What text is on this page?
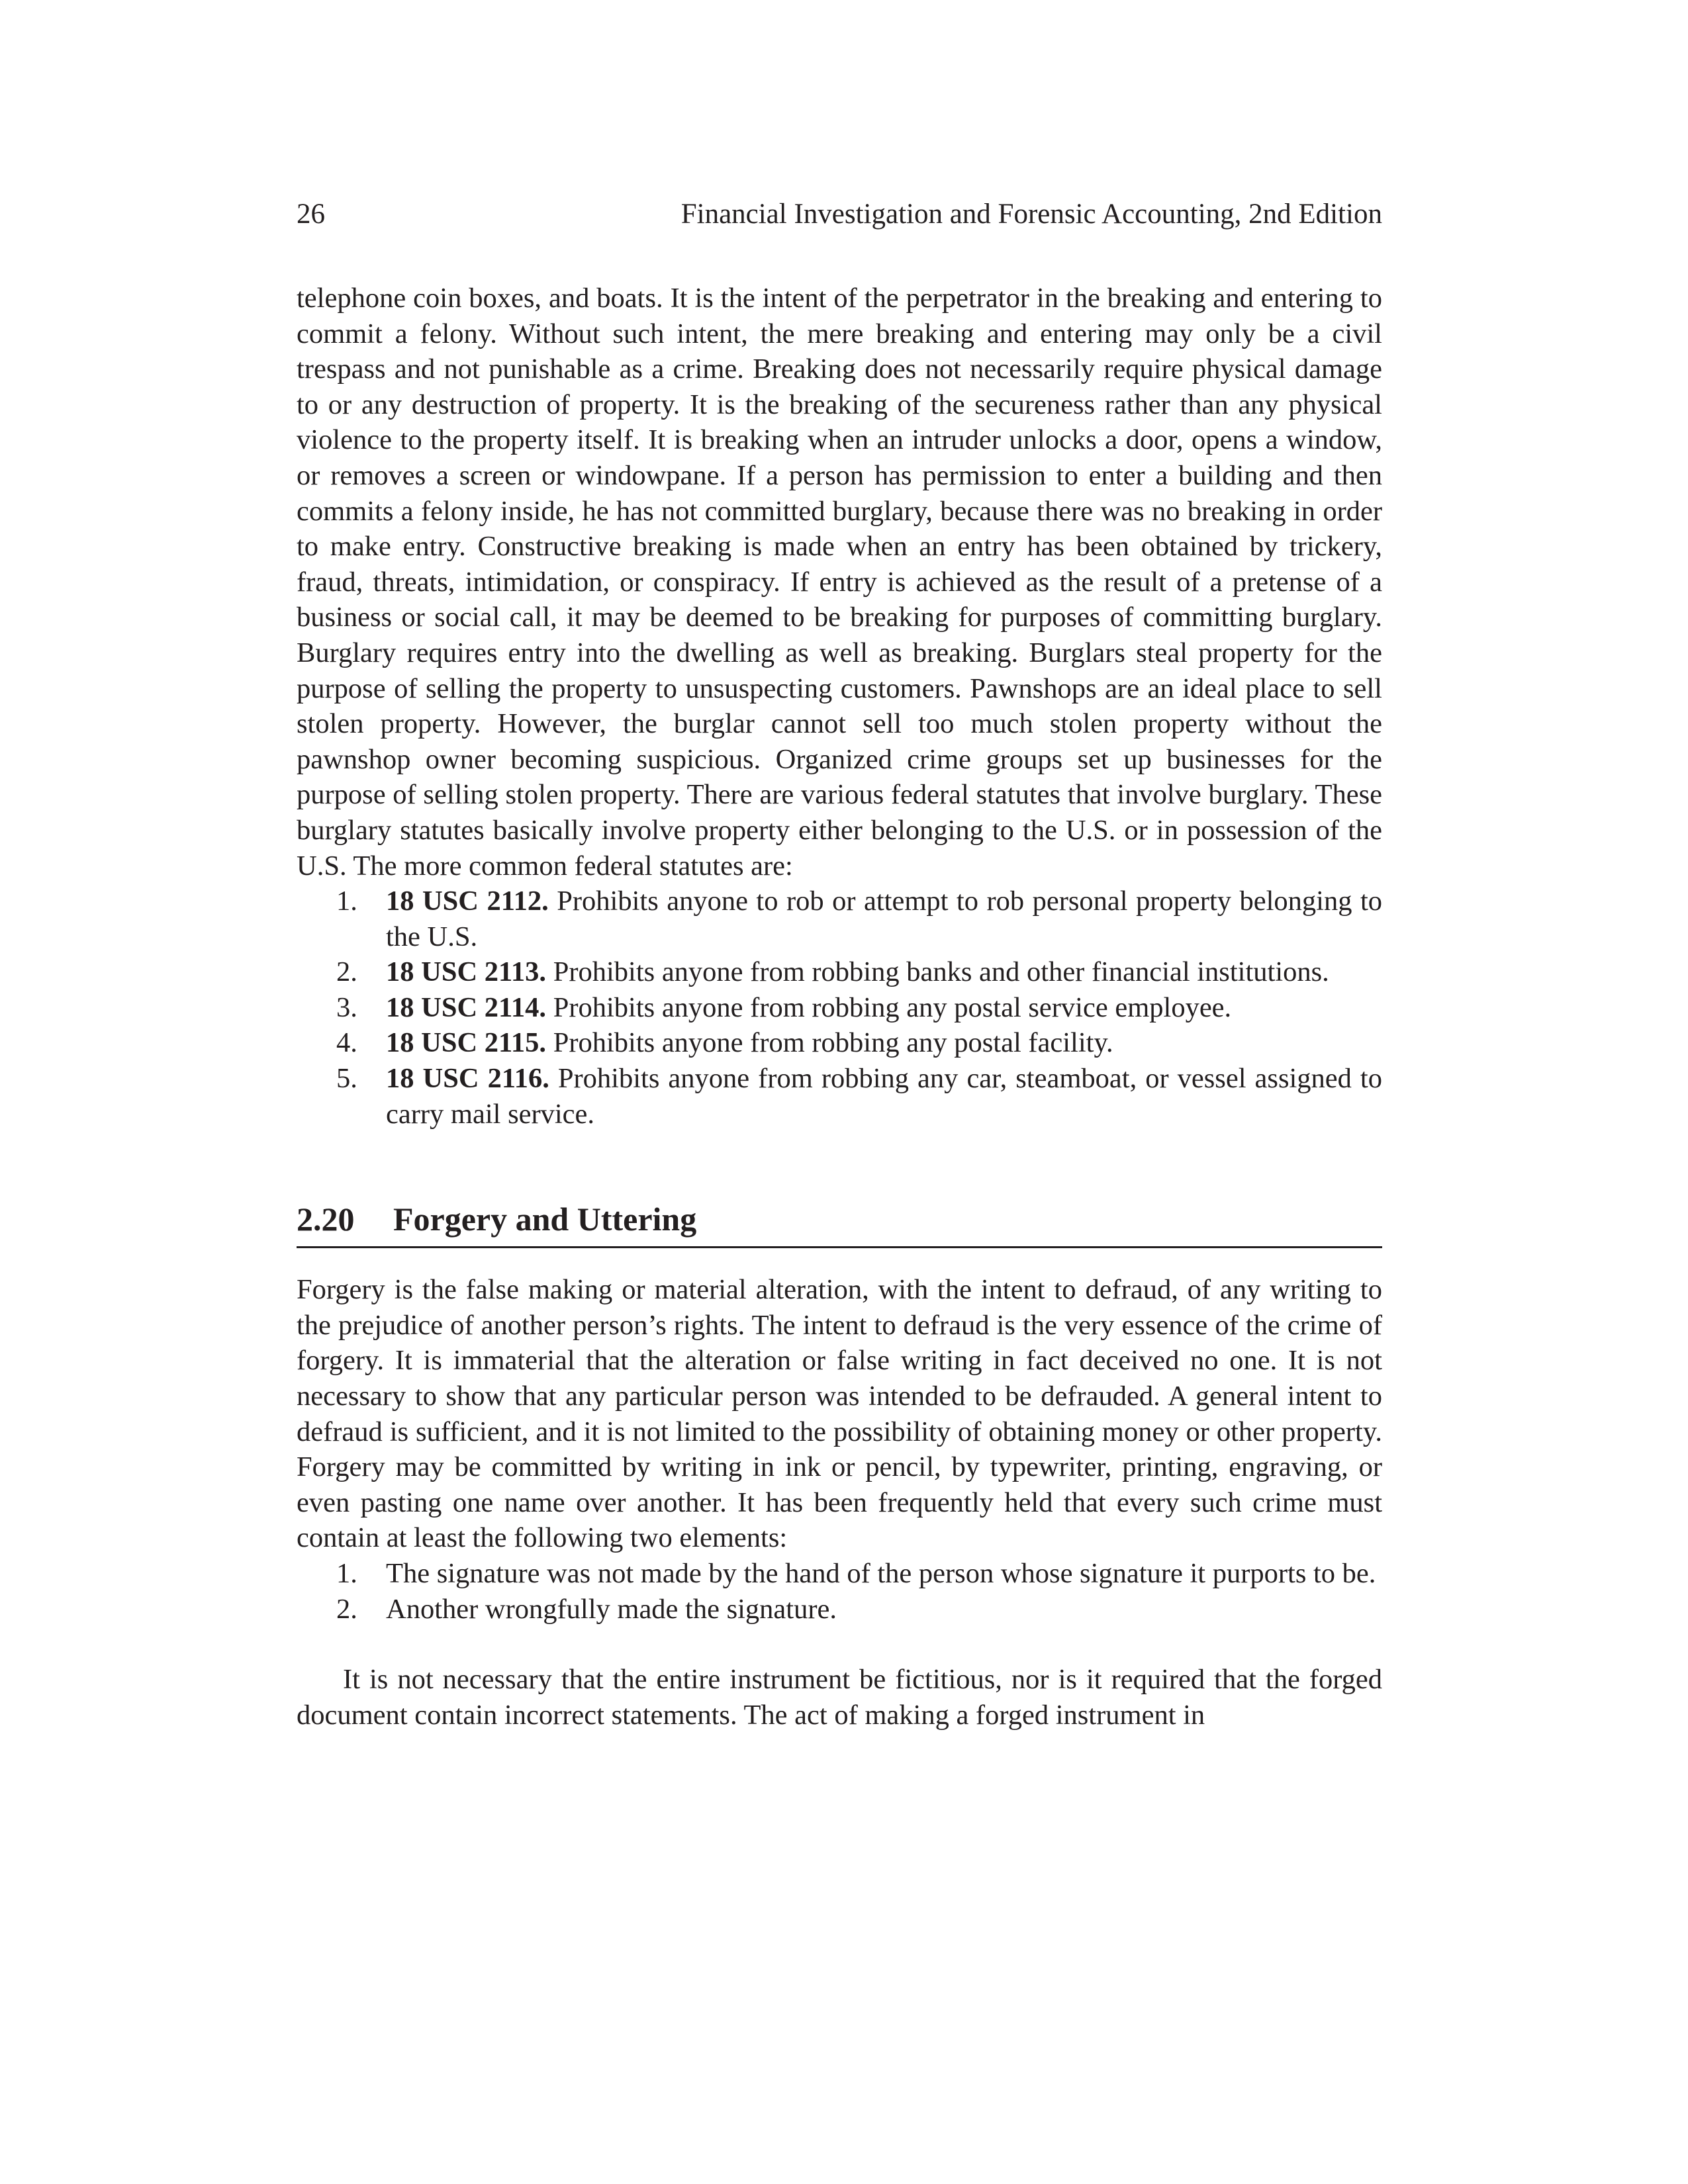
26	Financial Investigation and Forensic Accounting, 2nd Edition

telephone coin boxes, and boats. It is the intent of the perpetrator in the breaking and entering to commit a felony. Without such intent, the mere breaking and entering may only be a civil trespass and not punishable as a crime. Breaking does not necessarily require physical damage to or any destruction of property. It is the breaking of the secureness rather than any physical violence to the property itself. It is breaking when an intruder unlocks a door, opens a window, or removes a screen or windowpane. If a person has permission to enter a building and then commits a felony inside, he has not committed burglary, because there was no breaking in order to make entry. Constructive breaking is made when an entry has been obtained by trickery, fraud, threats, intimidation, or conspiracy. If entry is achieved as the result of a pretense of a business or social call, it may be deemed to be breaking for purposes of committing burglary. Burglary requires entry into the dwelling as well as breaking. Burglars steal property for the purpose of selling the property to unsuspecting customers. Pawnshops are an ideal place to sell stolen property. However, the burglar cannot sell too much stolen property without the pawnshop owner becoming suspicious. Organized crime groups set up businesses for the purpose of selling stolen property. There are various federal statutes that involve burglary. These burglary statutes basically involve property either belonging to the U.S. or in possession of the U.S. The more common federal statutes are:

1. 18 USC 2112. Prohibits anyone to rob or attempt to rob personal property belonging to the U.S.
2. 18 USC 2113. Prohibits anyone from robbing banks and other financial institutions.
3. 18 USC 2114. Prohibits anyone from robbing any postal service employee.
4. 18 USC 2115. Prohibits anyone from robbing any postal facility.
5. 18 USC 2116. Prohibits anyone from robbing any car, steamboat, or vessel assigned to carry mail service.
2.20 Forgery and Uttering

Forgery is the false making or material alteration, with the intent to defraud, of any writing to the prejudice of another person’s rights. The intent to defraud is the very essence of the crime of forgery. It is immaterial that the alteration or false writing in fact deceived no one. It is not necessary to show that any particular person was intended to be defrauded. A general intent to defraud is sufficient, and it is not limited to the possibility of obtaining money or other property. Forgery may be committed by writing in ink or pencil, by typewriter, printing, engraving, or even pasting one name over another. It has been frequently held that every such crime must contain at least the following two elements:

1. The signature was not made by the hand of the person whose signature it purports to be.
2. Another wrongfully made the signature.

It is not necessary that the entire instrument be fictitious, nor is it required that the forged document contain incorrect statements. The act of making a forged instrument in
